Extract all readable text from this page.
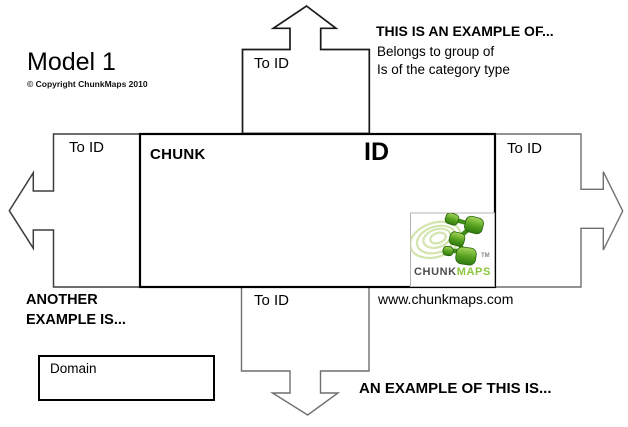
Model 1
© Copyright ChunkMaps 2010
THIS IS AN EXAMPLE OF...
Belongs to group of
Is of the category type
To ID
To ID	To ID
To ID
CHUNK	ID
ANOTHER
EXAMPLE IS...
www.chunkmaps.com
Domain
AN EXAMPLE OF THIS IS...
CHUNKMAPS
TM
